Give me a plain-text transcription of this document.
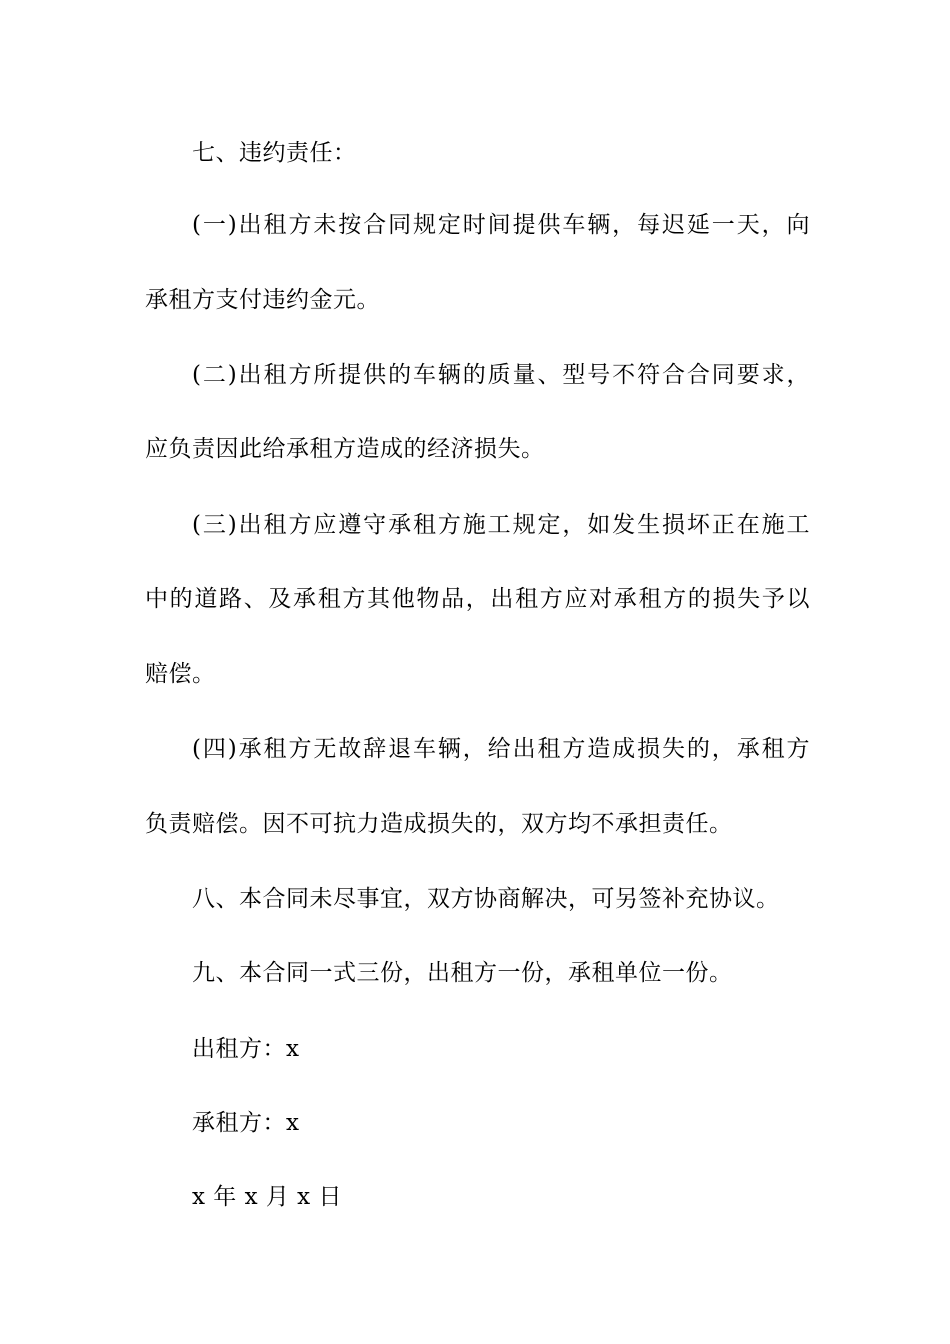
七、违约责任：
(一)出租方未按合同规定时间提供车辆，每迟延一天，向
承租方支付违约金元。
(二)出租方所提供的车辆的质量、型号不符合合同要求，
应负责因此给承租方造成的经济损失。
(三)出租方应遵守承租方施工规定，如发生损坏正在施工
中的道路、及承租方其他物品，出租方应对承租方的损失予以
赔偿。
(四)承租方无故辞退车辆，给出租方造成损失的，承租方
负责赔偿。因不可抗力造成损失的，双方均不承担责任。
八、本合同未尽事宜，双方协商解决，可另签补充协议。
九、本合同一式三份，出租方一份，承租单位一份。
出租方：x
承租方：x
x 年 x 月 x 日
